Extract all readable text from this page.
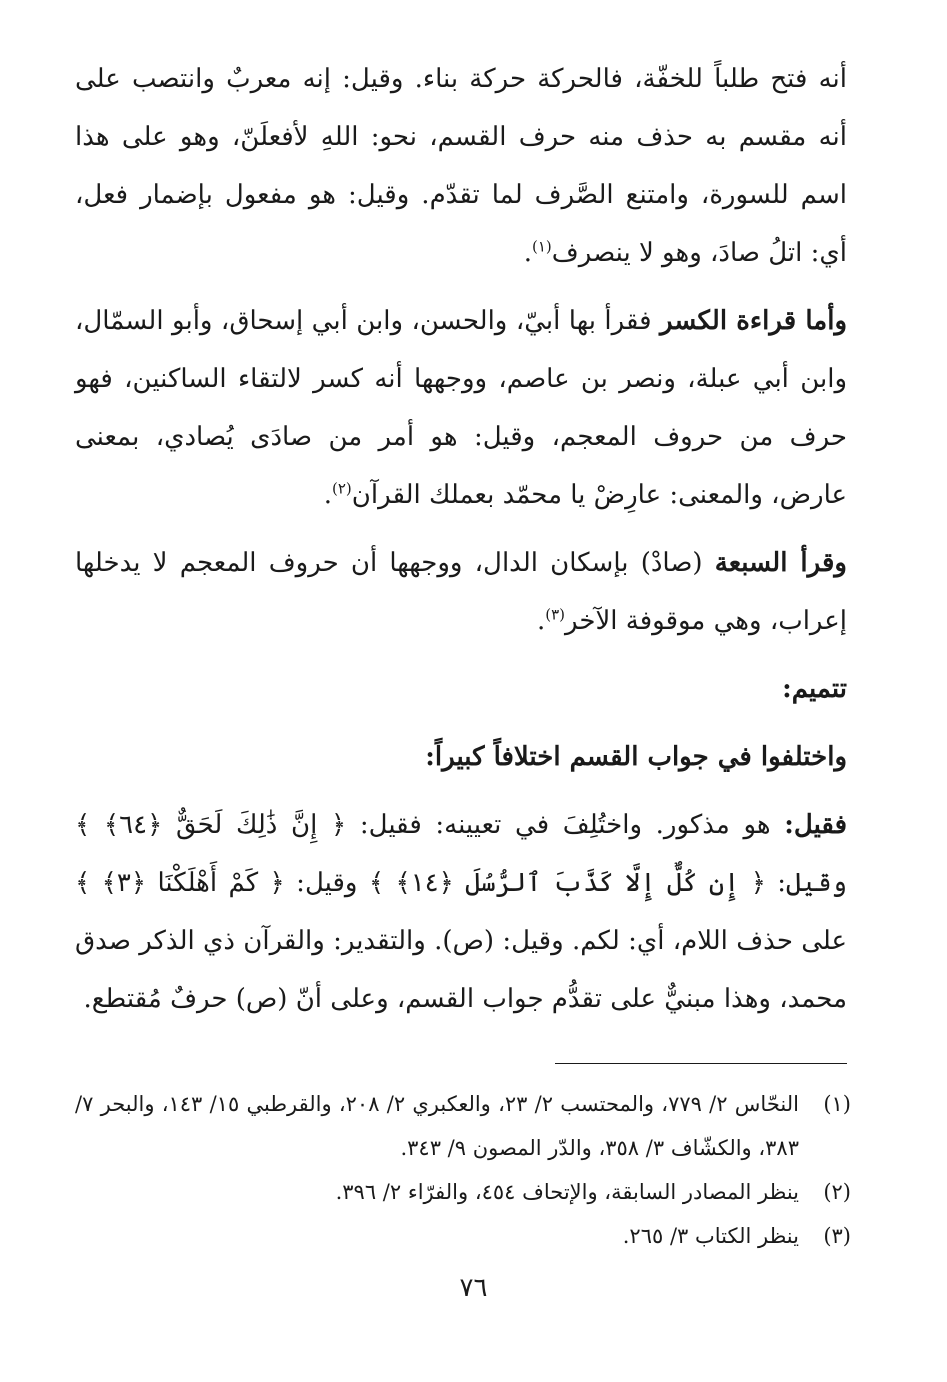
أنه فتح طلباً للخفّة، فالحركة حركة بناء. وقيل: إنه معربٌ وانتصب على أنه مقسم به حذف منه حرف القسم، نحو: اللهِ لأفعلَنّ، وهو على هذا اسم للسورة، وامتنع الصَّرف لما تقدّم. وقيل: هو مفعول بإضمار فعل، أي: اتلُ صادَ، وهو لا ينصرف$^{(١)}$.

وأما قراءة الكسر فقرأ بها أبيّ، والحسن، وابن أبي إسحاق، وأبو السمّال، وابن أبي عبلة، ونصر بن عاصم، ووجهها أنه كسر لالتقاء الساكنين، فهو حرف من حروف المعجم، وقيل: هو أمر من صادَى يُصادي، بمعنى عارض، والمعنى: عارِضْ يا محمّد بعملك القرآن$^{(٢)}$.

وقرأ السبعة (صادْ) بإسكان الدال، ووجهها أن حروف المعجم لا يدخلها إعراب، وهي موقوفة الآخر$^{(٣)}$.

تتميم:

واختلفوا في جواب القسم اختلافاً كبيراً:

فقيل: هو مذكور. واختُلِفَ في تعيينه: فقيل: ﴿ إِنَّ ذَٰلِكَ لَحَقٌّ ﴿٦٤﴾ ﴾ وقيل: ﴿ إِن كُلٌّ إِلَّا كَذَّبَ ٱلرُّسُلَ ﴿١٤﴾ ﴾ وقيل: ﴿ كَمْ أَهْلَكْنَا ﴿٣﴾ ﴾ على حذف اللام، أي: لكم. وقيل: (ص). والتقدير: والقرآن ذي الذكر صدق محمد، وهذا مبنيٌّ على تقدُّم جواب القسم، وعلى أنّ (ص) حرفٌ مُقتطع.

(١)
النحّاس ٢/ ٧٧٩، والمحتسب ٢/ ٢٣، والعكبري ٢/ ٢٠٨، والقرطبي ١٥/ ١٤٣، والبحر ٧/ ٣٨٣، والكشّاف ٣/ ٣٥٨، والدّر المصون ٩/ ٣٤٣.
(٢)
ينظر المصادر السابقة، والإتحاف ٤٥٤، والفرّاء ٢/ ٣٩٦.
(٣)
ينظر الكتاب ٣/ ٢٦٥.
٧٦
